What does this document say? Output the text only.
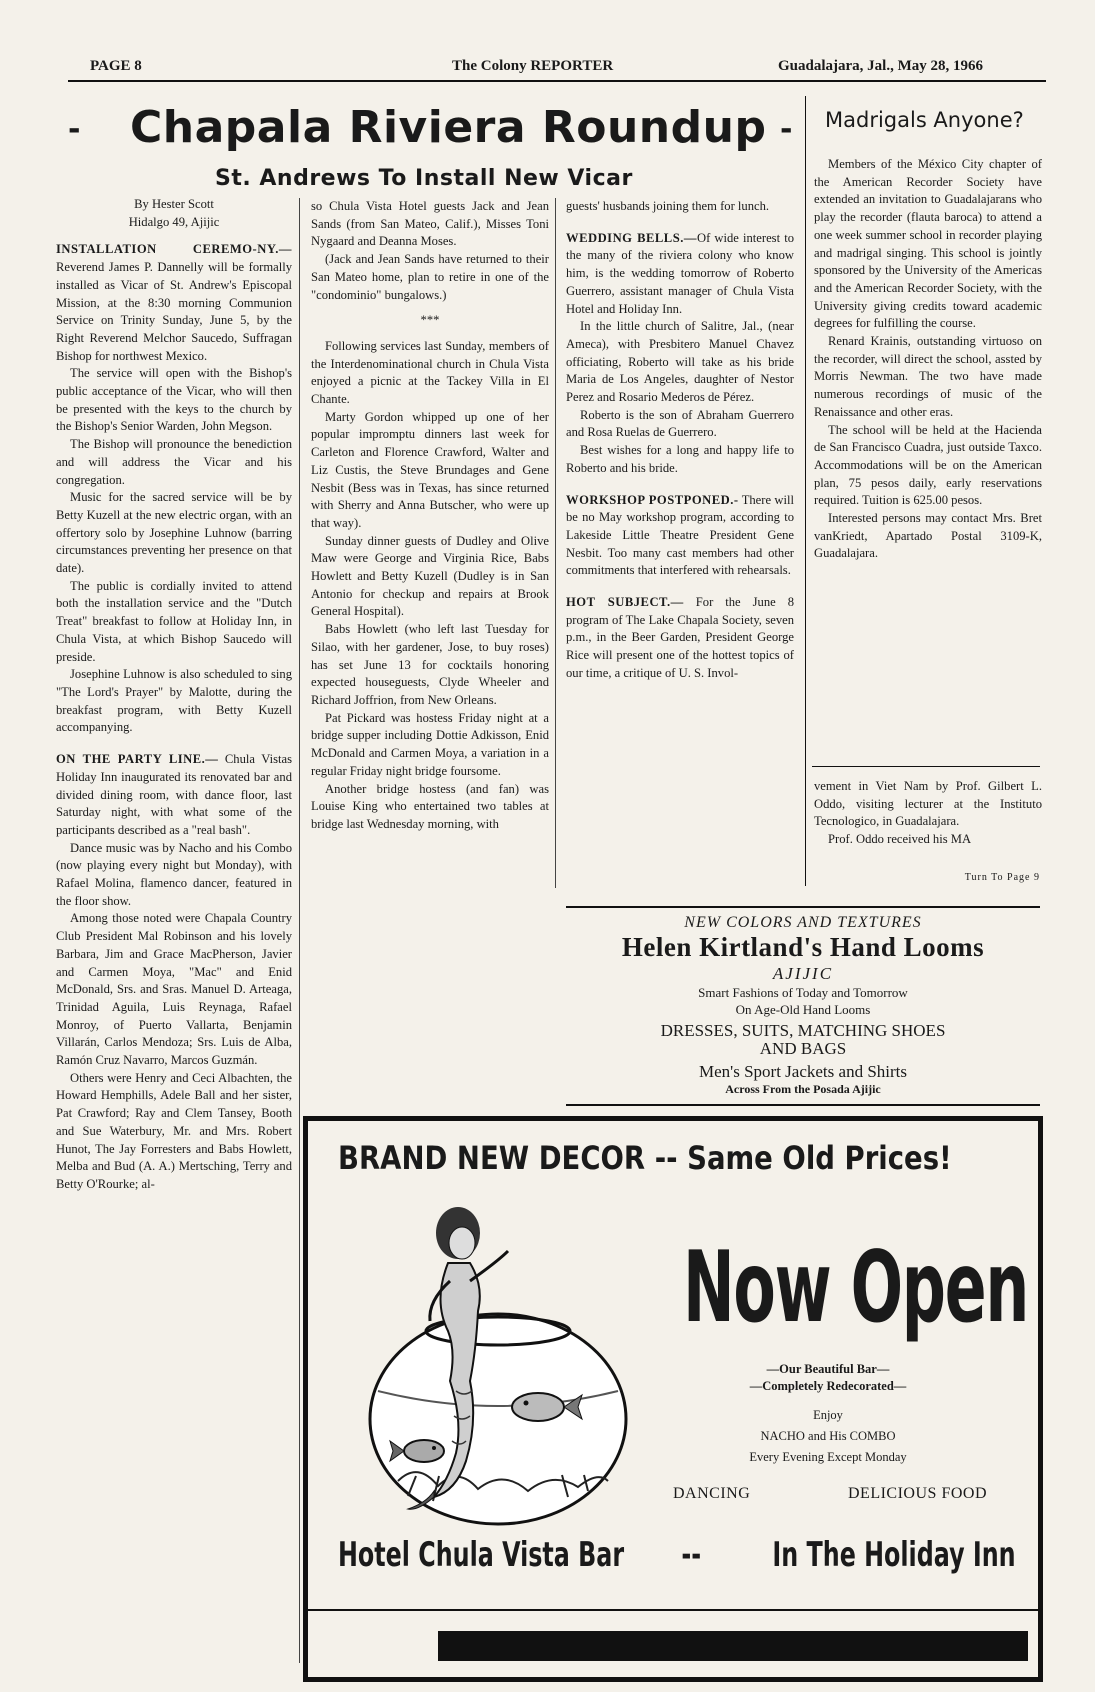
PAGE 8	The Colony REPORTER	Guadalajara, Jal., May 28, 1966
- Chapala Riviera Roundup -
St. Andrews To Install New Vicar

By Hester Scott
Hidalgo 49, Ajijic

INSTALLATION CEREMO-NY.— Reverend James P. Dannelly will be formally installed as Vicar of St. Andrew's Episcopal Mission, at the 8:30 morning Communion Service on Trinity Sunday, June 5, by the Right Reverend Melchor Saucedo, Suffragan Bishop for northwest Mexico.

The service will open with the Bishop's public acceptance of the Vicar, who will then be presented with the keys to the church by the Bishop's Senior Warden, John Megson.

The Bishop will pronounce the benediction and will address the Vicar and his congregation.

Music for the sacred service will be by Betty Kuzell at the new electric organ, with an offertory solo by Josephine Luhnow (barring circumstances preventing her presence on that date).

The public is cordially invited to attend both the installation service and the "Dutch Treat" breakfast to follow at Holiday Inn, in Chula Vista, at which Bishop Saucedo will preside.

Josephine Luhnow is also scheduled to sing "The Lord's Prayer" by Malotte, during the breakfast program, with Betty Kuzell accompanying.

ON THE PARTY LINE.— Chula Vistas Holiday Inn inaugurated its renovated bar and divided dining room, with dance floor, last Saturday night, with what some of the participants described as a "real bash".

Dance music was by Nacho and his Combo (now playing every night but Monday), with Rafael Molina, flamenco dancer, featured in the floor show.

Among those noted were Chapala Country Club President Mal Robinson and his lovely Barbara, Jim and Grace MacPherson, Javier and Carmen Moya, "Mac" and Enid McDonald, Srs. and Sras. Manuel D. Arteaga, Trinidad Aguila, Luis Reynaga, Rafael Monroy, of Puerto Vallarta, Benjamin Villarán, Carlos Mendoza; Srs. Luis de Alba, Ramón Cruz Navarro, Marcos Guzmán.

Others were Henry and Ceci Albachten, the Howard Hemphills, Adele Ball and her sister, Pat Crawford; Ray and Clem Tansey, Booth and Sue Waterbury, Mr. and Mrs. Robert Hunot, The Jay Forresters and Babs Howlett, Melba and Bud (A. A.) Mertsching, Terry and Betty O'Rourke; al-

so Chula Vista Hotel guests Jack and Jean Sands (from San Mateo, Calif.), Misses Toni Nygaard and Deanna Moses.

(Jack and Jean Sands have returned to their San Mateo home, plan to retire in one of the "condominio" bungalows.)

***

Following services last Sunday, members of the Interdenominational church in Chula Vista enjoyed a picnic at the Tackey Villa in El Chante.

Marty Gordon whipped up one of her popular impromptu dinners last week for Carleton and Florence Crawford, Walter and Liz Custis, the Steve Brundages and Gene Nesbit (Bess was in Texas, has since returned with Sherry and Anna Butscher, who were up that way).

Sunday dinner guests of Dudley and Olive Maw were George and Virginia Rice, Babs Howlett and Betty Kuzell (Dudley is in San Antonio for checkup and repairs at Brook General Hospital).

Babs Howlett (who left last Tuesday for Silao, with her gardener, Jose, to buy roses) has set June 13 for cocktails honoring expected houseguests, Clyde Wheeler and Richard Joffrion, from New Orleans.

Pat Pickard was hostess Friday night at a bridge supper including Dottie Adkisson, Enid McDonald and Carmen Moya, a variation in a regular Friday night bridge foursome.

Another bridge hostess (and fan) was Louise King who entertained two tables at bridge last Wednesday morning, with

guests' husbands joining them for lunch.

WEDDING BELLS.—Of wide interest to the many of the riviera colony who know him, is the wedding tomorrow of Roberto Guerrero, assistant manager of Chula Vista Hotel and Holiday Inn.

In the little church of Salitre, Jal., (near Ameca), with Presbitero Manuel Chavez officiating, Roberto will take as his bride Maria de Los Angeles, daughter of Nestor Perez and Rosario Mederos de Pérez.

Roberto is the son of Abraham Guerrero and Rosa Ruelas de Guerrero.

Best wishes for a long and happy life to Roberto and his bride.

WORKSHOP POSTPONED.- There will be no May workshop program, according to Lakeside Little Theatre President Gene Nesbit. Too many cast members had other commitments that interfered with rehearsals.

HOT SUBJECT.— For the June 8 program of The Lake Chapala Society, seven p.m., in the Beer Garden, President George Rice will present one of the hottest topics of our time, a critique of U. S. Invol-

Madrigals Anyone?

Members of the México City chapter of the American Recorder Society have extended an invitation to Guadalajarans who play the recorder (flauta baroca) to attend a one week summer school in recorder playing and madrigal singing. This school is jointly sponsored by the University of the Americas and the American Recorder Society, with the University giving credits toward academic degrees for fulfilling the course.

Renard Krainis, outstanding virtuoso on the recorder, will direct the school, assted by Morris Newman. The two have made numerous recordings of music of the Renaissance and other eras.

The school will be held at the Hacienda de San Francisco Cuadra, just outside Taxco. Accommodations will be on the American plan, 75 pesos daily, early reservations required. Tuition is 625.00 pesos.

Interested persons may contact Mrs. Bret vanKriedt, Apartado Postal 3109-K, Guadalajara.

vement in Viet Nam by Prof. Gilbert L. Oddo, visiting lecturer at the Instituto Tecnologico, in Guadalajara.

Prof. Oddo received his MA

Turn To Page 9
NEW COLORS AND TEXTURES
Helen Kirtland's Hand Looms
AJIJIC
Smart Fashions of Today and Tomorrow
On Age-Old Hand Looms
DRESSES, SUITS, MATCHING SHOES
AND BAGS
Men's Sport Jackets and Shirts
Across From the Posada Ajijic
BRAND NEW DECOR -- Same Old Prices!
Now Open
—Our Beautiful Bar—
—Completely Redecorated—
Enjoy
NACHO and His COMBO
Every Evening Except Monday
DANCING	DELICIOUS FOOD
Hotel Chula Vista Bar -- In The Holiday Inn
